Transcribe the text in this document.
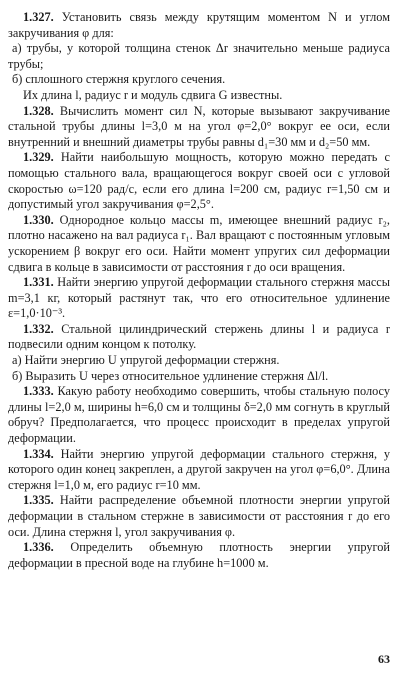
1.327. Установить связь между крутящим моментом N и углом закручивания φ для:

а) трубы, у которой толщина стенок Δr значительно меньше радиуса трубы;

б) сплошного стержня круглого сечения.

Их длина l, радиус r и модуль сдвига G известны.

1.328. Вычислить момент сил N, которые вызывают закручивание стальной трубы длины l=3,0 м на угол φ=2,0° вокруг ее оси, если внутренний и внешний диаметры трубы равны d₁=30 мм и d₂=50 мм.

1.329. Найти наибольшую мощность, которую можно передать с помощью стального вала, вращающегося вокруг своей оси с угловой скоростью ω=120 рад/с, если его длина l=200 см, радиус r=1,50 см и допустимый угол закручивания φ=2,5°.

1.330. Однородное кольцо массы m, имеющее внешний радиус r₂, плотно насажено на вал радиуса r₁. Вал вращают с постоянным угловым ускорением β вокруг его оси. Найти момент упругих сил деформации сдвига в кольце в зависимости от расстояния r до оси вращения.

1.331. Найти энергию упругой деформации стального стержня массы m=3,1 кг, который растянут так, что его относительное удлинение ε=1,0·10⁻³.

1.332. Стальной цилиндрический стержень длины l и радиуса r подвесили одним концом к потолку.

а) Найти энергию U упругой деформации стержня.

б) Выразить U через относительное удлинение стержня Δl/l.

1.333. Какую работу необходимо совершить, чтобы стальную полосу длины l=2,0 м, ширины h=6,0 см и толщины δ=2,0 мм согнуть в круглый обруч? Предполагается, что процесс происходит в пределах упругой деформации.

1.334. Найти энергию упругой деформации стального стержня, у которого один конец закреплен, а другой закручен на угол φ=6,0°. Длина стержня l=1,0 м, его радиус r=10 мм.

1.335. Найти распределение объемной плотности энергии упругой деформации в стальном стержне в зависимости от расстояния r до его оси. Длина стержня l, угол закручивания φ.

1.336. Определить объемную плотность энергии упругой деформации в пресной воде на глубине h=1000 м.

63
